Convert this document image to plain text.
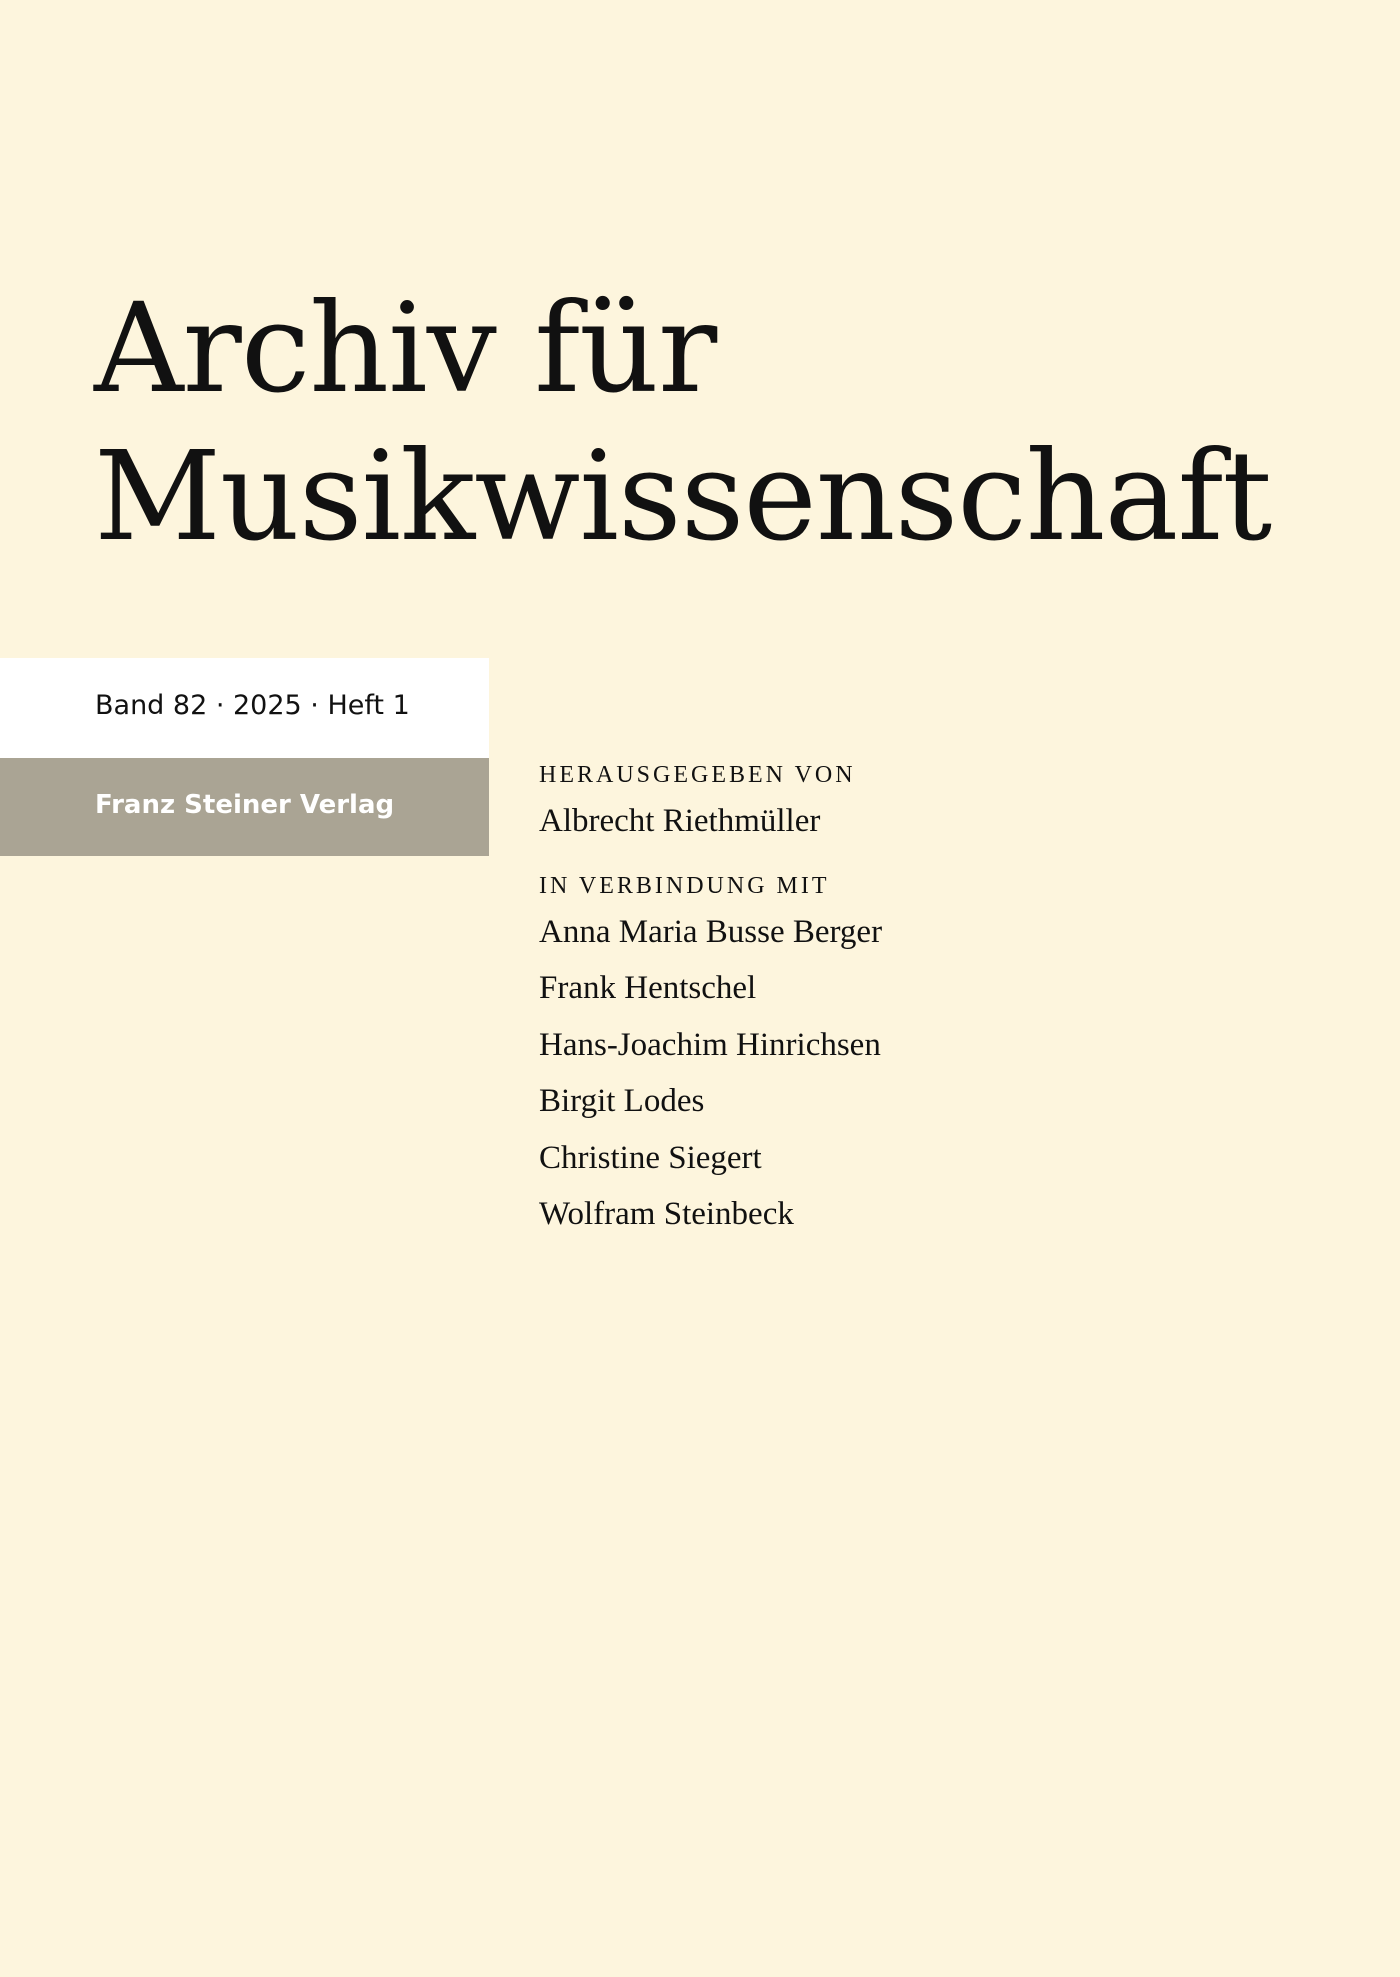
Archiv für
Musikwissenschaft
Band 82 · 2025 · Heft 1
Franz Steiner Verlag
HERAUSGEGEBEN VON
Albrecht Riethmüller
IN VERBINDUNG MIT
Anna Maria Busse Berger
Frank Hentschel
Hans-Joachim Hinrichsen
Birgit Lodes
Christine Siegert
Wolfram Steinbeck
